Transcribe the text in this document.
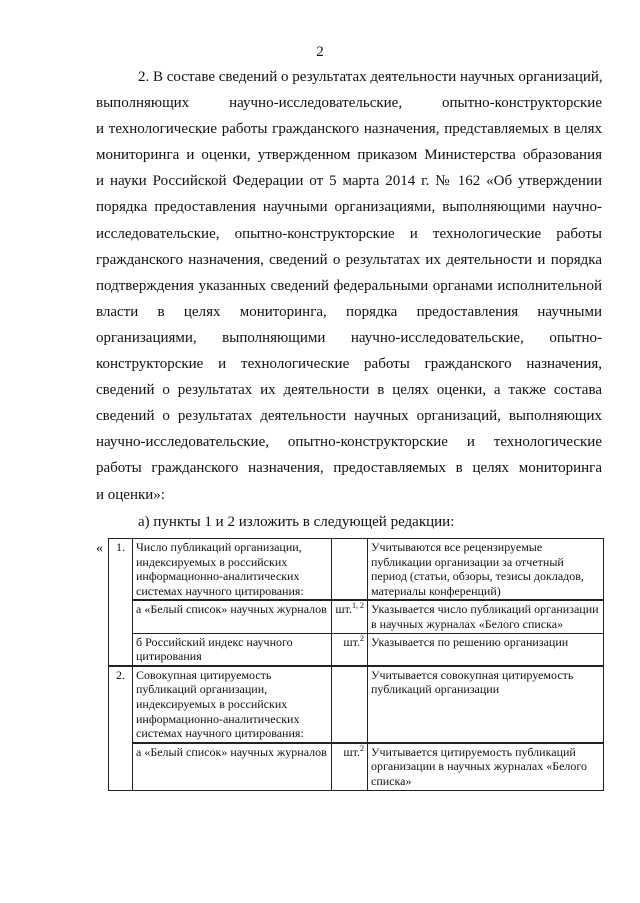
2
2. В составе сведений о результатах деятельности научных организаций,
выполняющих научно-исследовательские, опытно-конструкторские
и технологические работы гражданского назначения, представляемых в целях
мониторинга и оценки, утвержденном приказом Министерства образования
и науки Российской Федерации от 5 марта 2014 г. № 162 «Об утверждении
порядка предоставления научными организациями, выполняющими научно-
исследовательские, опытно-конструкторские и технологические работы
гражданского назначения, сведений о результатах их деятельности и порядка
подтверждения указанных сведений федеральными органами исполнительной
власти в целях мониторинга, порядка предоставления научными
организациями, выполняющими научно-исследовательские, опытно-
конструкторские и технологические работы гражданского назначения,
сведений о результатах их деятельности в целях оценки, а также состава
сведений о результатах деятельности научных организаций, выполняющих
научно-исследовательские, опытно-конструкторские и технологические
работы гражданского назначения, предоставляемых в целях мониторинга
и оценки»:
а) пункты 1 и 2 изложить в следующей редакции:
« 1.	Число публикаций организации, индексируемых в российских информационно-аналитических системах научного цитирования:		Учитываются все рецензируемые публикации организации за отчетный период (статьи, обзоры, тезисы докладов, материалы конференций)
	а «Белый список» научных журналов	шт.$^{1, 2}$	Указывается число публикаций организации в научных журналах «Белого списка»
	б Российский индекс научного цитирования	шт.$^2$	Указывается по решению организации
2.	Совокупная цитируемость публикаций организации, индексируемых в российских информационно-аналитических системах научного цитирования:		Учитывается совокупная цитируемость публикаций организации
	а «Белый список» научных журналов	шт.$^2$	Учитывается цитируемость публикаций организации в научных журналах «Белого списка»
